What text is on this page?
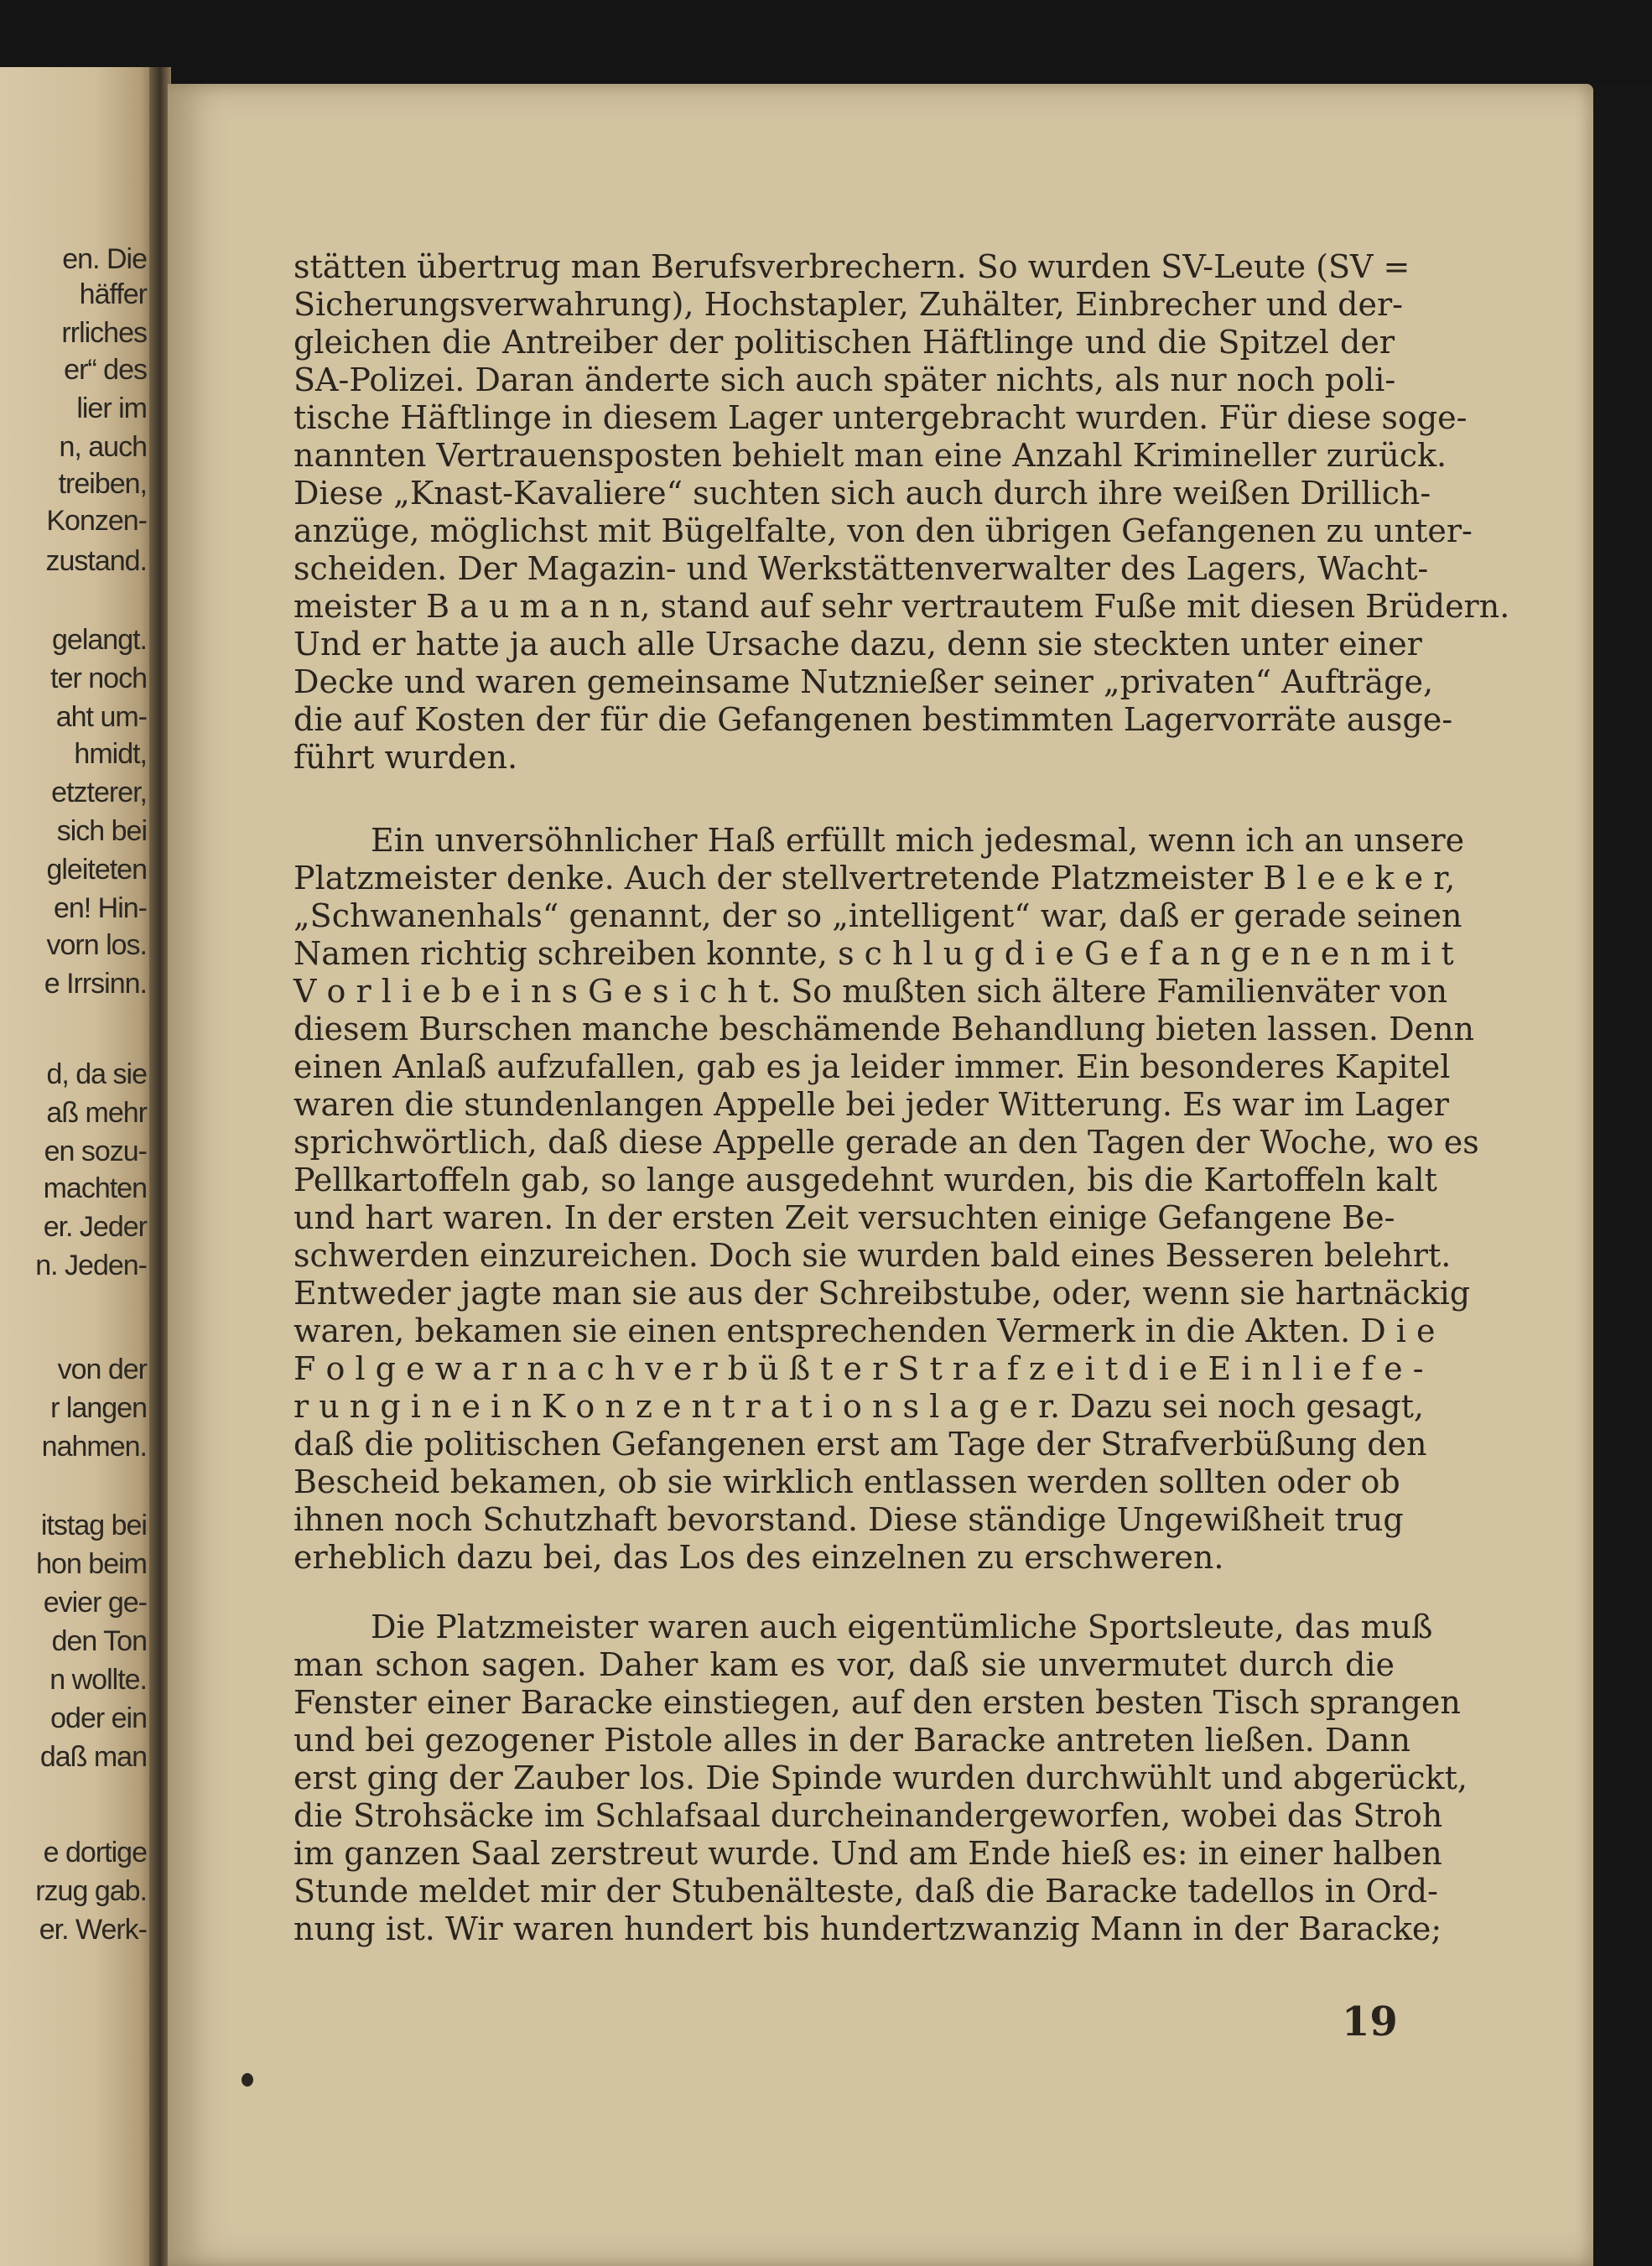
en. Die
häffer
rrliches
er“ des
lier im
n, auch
treiben,
Konzen-
zustand.
gelangt.
ter noch
aht um-
hmidt,
etzterer,
sich bei
gleiteten
en! Hin-
vorn los.
e Irrsinn.
d, da sie
aß mehr
en sozu-
machten
er. Jeder
n. Jeden-
von der
r langen
nahmen.
itstag bei
hon beim
evier ge-
den Ton
n wollte.
oder ein
daß man
e dortige
rzug gab.
er. Werk-
stätten übertrug man Berufsverbrechern. So wurden SV-Leute (SV =
Sicherungsverwahrung), Hochstapler, Zuhälter, Einbrecher und der-
gleichen die Antreiber der politischen Häftlinge und die Spitzel der
SA-Polizei. Daran änderte sich auch später nichts, als nur noch poli-
tische Häftlinge in diesem Lager untergebracht wurden. Für diese soge-
nannten Vertrauensposten behielt man eine Anzahl Krimineller zurück.
Diese „Knast-Kavaliere“ suchten sich auch durch ihre weißen Drillich-
anzüge, möglichst mit Bügelfalte, von den übrigen Gefangenen zu unter-
scheiden. Der Magazin- und Werkstättenverwalter des Lagers, Wacht-
meister B a u m a n n, stand auf sehr vertrautem Fuße mit diesen Brüdern.
Und er hatte ja auch alle Ursache dazu, denn sie steckten unter einer
Decke und waren gemeinsame Nutznießer seiner „privaten“ Aufträge,
die auf Kosten der für die Gefangenen bestimmten Lagervorräte ausge-
führt wurden.
Ein unversöhnlicher Haß erfüllt mich jedesmal, wenn ich an unsere
Platzmeister denke. Auch der stellvertretende Platzmeister B l e e k e r,
„Schwanenhals“ genannt, der so „intelligent“ war, daß er gerade seinen
Namen richtig schreiben konnte, s c h l u g d i e G e f a n g e n e n m i t
V o r l i e b e i n s G e s i c h t. So mußten sich ältere Familienväter von
diesem Burschen manche beschämende Behandlung bieten lassen. Denn
einen Anlaß aufzufallen, gab es ja leider immer. Ein besonderes Kapitel
waren die stundenlangen Appelle bei jeder Witterung. Es war im Lager
sprichwörtlich, daß diese Appelle gerade an den Tagen der Woche, wo es
Pellkartoffeln gab, so lange ausgedehnt wurden, bis die Kartoffeln kalt
und hart waren. In der ersten Zeit versuchten einige Gefangene Be-
schwerden einzureichen. Doch sie wurden bald eines Besseren belehrt.
Entweder jagte man sie aus der Schreibstube, oder, wenn sie hartnäckig
waren, bekamen sie einen entsprechenden Vermerk in die Akten. D i e
F o l g e w a r n a c h v e r b ü ß t e r S t r a f z e i t d i e E i n l i e f e -
r u n g i n e i n K o n z e n t r a t i o n s l a g e r. Dazu sei noch gesagt,
daß die politischen Gefangenen erst am Tage der Strafverbüßung den
Bescheid bekamen, ob sie wirklich entlassen werden sollten oder ob
ihnen noch Schutzhaft bevorstand. Diese ständige Ungewißheit trug
erheblich dazu bei, das Los des einzelnen zu erschweren.
Die Platzmeister waren auch eigentümliche Sportsleute, das muß
man schon sagen. Daher kam es vor, daß sie unvermutet durch die
Fenster einer Baracke einstiegen, auf den ersten besten Tisch sprangen
und bei gezogener Pistole alles in der Baracke antreten ließen. Dann
erst ging der Zauber los. Die Spinde wurden durchwühlt und abgerückt,
die Strohsäcke im Schlafsaal durcheinandergeworfen, wobei das Stroh
im ganzen Saal zerstreut wurde. Und am Ende hieß es: in einer halben
Stunde meldet mir der Stubenälteste, daß die Baracke tadellos in Ord-
nung ist. Wir waren hundert bis hundertzwanzig Mann in der Baracke;
19
